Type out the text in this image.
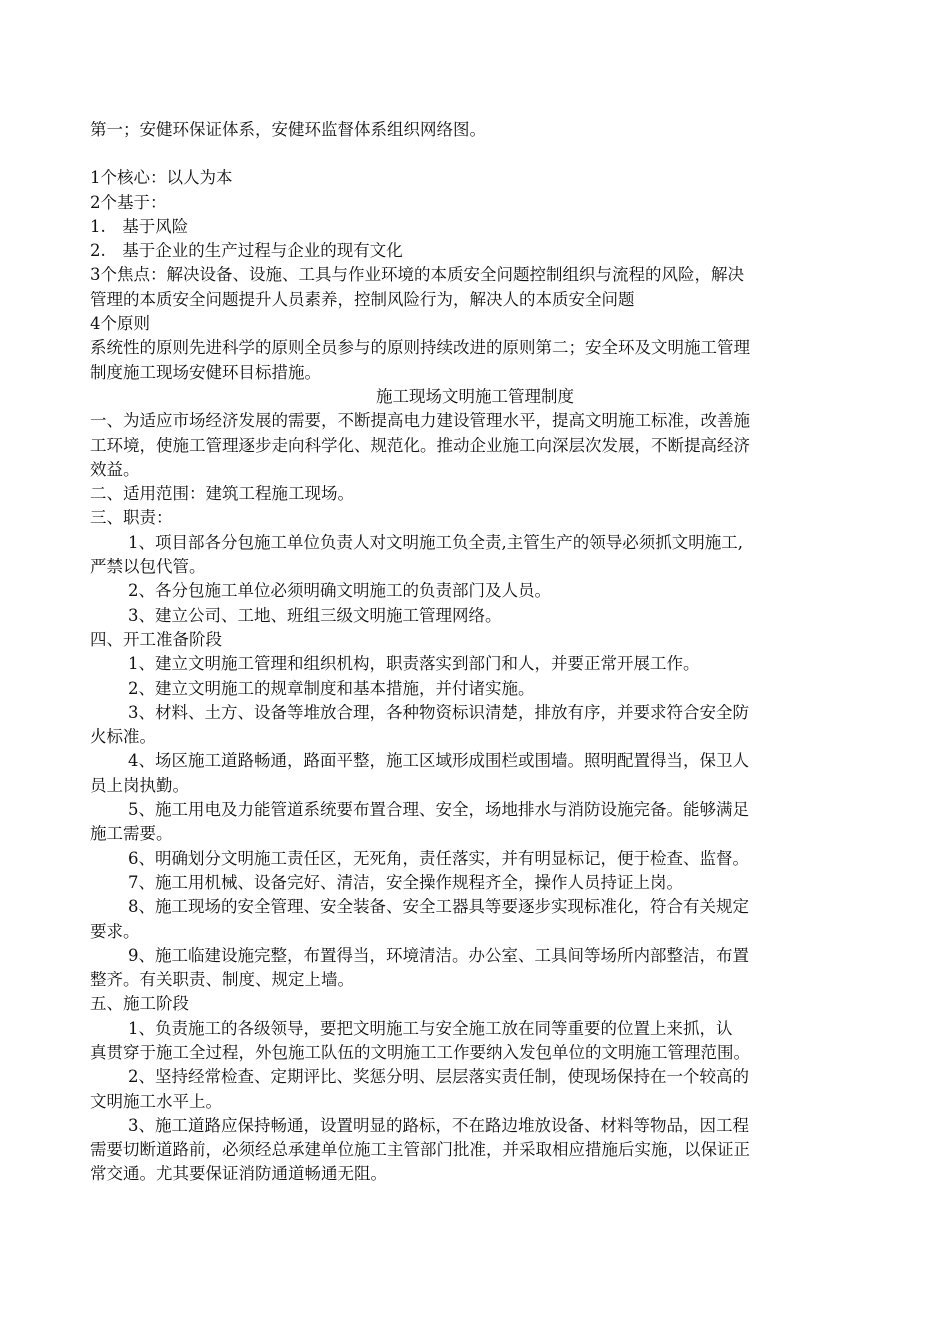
第一；安健环保证体系，安健环监督体系组织网络图。

1个核心：以人为本

2个基于：

1.　基于风险

2.　基于企业的生产过程与企业的现有文化

3个焦点：解决设备、设施、工具与作业环境的本质安全问题控制组织与流程的风险，解决

管理的本质安全问题提升人员素养，控制风险行为，解决人的本质安全问题

4个原则

系统性的原则先进科学的原则全员参与的原则持续改进的原则第二；安全环及文明施工管理

制度施工现场安健环目标措施。

施工现场文明施工管理制度

一、为适应市场经济发展的需要，不断提高电力建设管理水平，提高文明施工标准，改善施

工环境，使施工管理逐步走向科学化、规范化。推动企业施工向深层次发展，不断提高经济

效益。

二、适用范围：建筑工程施工现场。

三、职责：

1、项目部各分包施工单位负责人对文明施工负全责,主管生产的领导必须抓文明施工,

严禁以包代管。

2、各分包施工单位必须明确文明施工的负责部门及人员。

3、建立公司、工地、班组三级文明施工管理网络。

四、开工准备阶段

1、建立文明施工管理和组织机构，职责落实到部门和人，并要正常开展工作。

2、建立文明施工的规章制度和基本措施，并付诸实施。

3、材料、土方、设备等堆放合理，各种物资标识清楚，排放有序，并要求符合安全防

火标准。

4、场区施工道路畅通，路面平整，施工区域形成围栏或围墙。照明配置得当，保卫人

员上岗执勤。

5、施工用电及力能管道系统要布置合理、安全，场地排水与消防设施完备。能够满足

施工需要。

6、明确划分文明施工责任区，无死角，责任落实，并有明显标记，便于检查、监督。

7、施工用机械、设备完好、清洁，安全操作规程齐全，操作人员持证上岗。

8、施工现场的安全管理、安全装备、安全工器具等要逐步实现标准化，符合有关规定

要求。

9、施工临建设施完整，布置得当，环境清洁。办公室、工具间等场所内部整洁，布置

整齐。有关职责、制度、规定上墙。

五、施工阶段

1、负责施工的各级领导，要把文明施工与安全施工放在同等重要的位置上来抓，认

真贯穿于施工全过程，外包施工队伍的文明施工工作要纳入发包单位的文明施工管理范围。

2、坚持经常检查、定期评比、奖惩分明、层层落实责任制，使现场保持在一个较高的

文明施工水平上。

3、施工道路应保持畅通，设置明显的路标，不在路边堆放设备、材料等物品，因工程

需要切断道路前，必须经总承建单位施工主管部门批准，并采取相应措施后实施，以保证正

常交通。尤其要保证消防通道畅通无阻。
